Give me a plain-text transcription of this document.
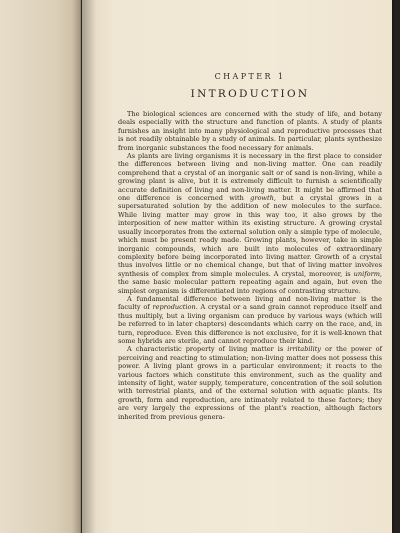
CHAPTER 1
INTRODUCTION

The biological sciences are concerned with the study of life, and botany deals especially with the structure and function of plants. A study of plants furnishes an insight into many physiological and reproductive processes that is not readily obtainable by a study of animals. In particular, plants synthesize from inorganic substances the food necessary for animals.

As plants are living organisms it is necessary in the first place to consider the differences between living and non-living matter. One can readily comprehend that a crystal of an inorganic salt or of sand is non-living, while a growing plant is alive, but it is extremely difficult to furnish a scientifically accurate definition of living and non-living matter. It might be affirmed that one difference is concerned with growth, but a crystal grows in a supersaturated solution by the addition of new molecules to the surface. While living matter may grow in this way too, it also grows by the interposition of new matter within its existing structure. A growing crystal usually incorporates from the external solution only a simple type of molecule, which must be present ready made. Growing plants, however, take in simple inorganic compounds, which are built into molecules of extraordinary complexity before being incorporated into living matter. Growth of a crystal thus involves little or no chemical change, but that of living matter involves synthesis of complex from simple molecules. A crystal, moreover, is uniform, the same basic molecular pattern repeating again and again, but even the simplest organism is differentiated into regions of contrasting structure.

A fundamental difference between living and non-living matter is the faculty of reproduction. A crystal or a sand grain cannot reproduce itself and thus multiply, but a living organism can produce by various ways (which will be referred to in later chapters) descendants which carry on the race, and, in turn, reproduce. Even this difference is not exclusive, for it is well-known that some hybrids are sterile, and cannot reproduce their kind.

A characteristic property of living matter is irritability or the power of perceiving and reacting to stimulation; non-living matter does not possess this power. A living plant grows in a particular environment; it reacts to the various factors which constitute this environment, such as the quality and intensity of light, water supply, temperature, concentration of the soil solution with terrestrial plants, and of the external solution with aquatic plants. Its growth, form and reproduction, are intimately related to these factors; they are very largely the expressions of the plant's reaction, although factors inherited from previous genera-
